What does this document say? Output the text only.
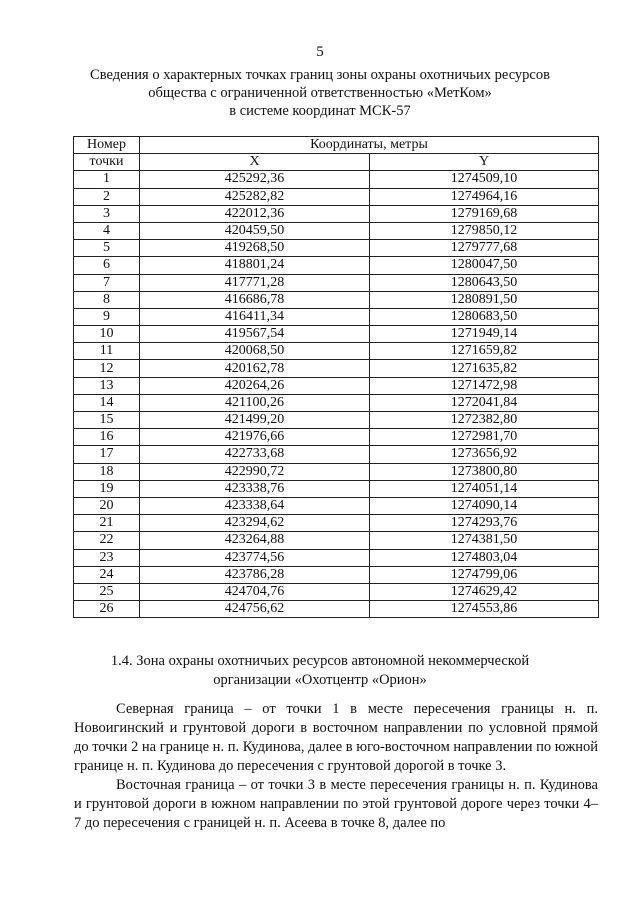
5
Сведения о характерных точках границ зоны охраны охотничьих ресурсов
общества с ограниченной ответственностью «МетКом»
в системе координат МСК-57
Номер	Координаты, метры	
точки	X	Y
1	425292,36	1274509,10
2	425282,82	1274964,16
3	422012,36	1279169,68
4	420459,50	1279850,12
5	419268,50	1279777,68
6	418801,24	1280047,50
7	417771,28	1280643,50
8	416686,78	1280891,50
9	416411,34	1280683,50
10	419567,54	1271949,14
11	420068,50	1271659,82
12	420162,78	1271635,82
13	420264,26	1271472,98
14	421100,26	1272041,84
15	421499,20	1272382,80
16	421976,66	1272981,70
17	422733,68	1273656,92
18	422990,72	1273800,80
19	423338,76	1274051,14
20	423338,64	1274090,14
21	423294,62	1274293,76
22	423264,88	1274381,50
23	423774,56	1274803,04
24	423786,28	1274799,06
25	424704,76	1274629,42
26	424756,62	1274553,86
1.4. Зона охраны охотничьих ресурсов автономной некоммерческой
организации «Охотцентр «Орион»

Северная граница – от точки 1 в месте пересечения границы н. п. Новоигинский и грунтовой дороги в восточном направлении по условной прямой до точки 2 на границе н. п. Кудинова, далее в юго-восточном направлении по южной границе н. п. Кудинова до пересечения с грунтовой дорогой в точке 3.

Восточная граница – от точки 3 в месте пересечения границы н. п. Кудинова и грунтовой дороги в южном направлении по этой грунтовой дороге через точки 4–7 до пересечения с границей н. п. Асеева в точке 8, далее по
